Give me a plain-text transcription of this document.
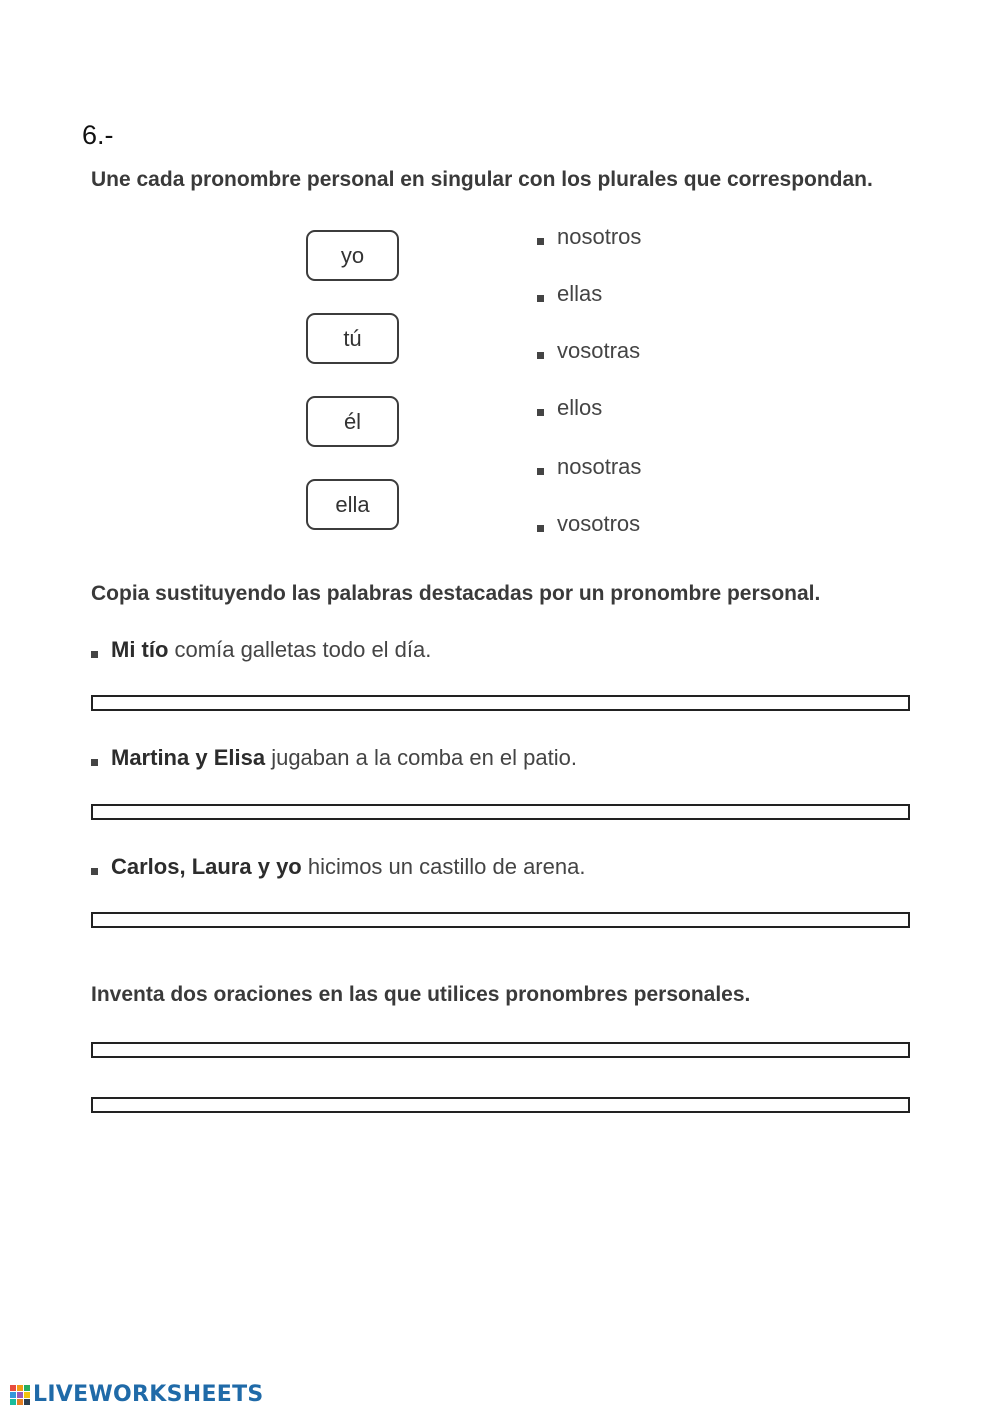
6.-
Une cada pronombre personal en singular con los plurales que correspondan.
yo
tú
él
ella
nosotros
ellas
vosotras
ellos
nosotras
vosotros
Copia sustituyendo las palabras destacadas por un pronombre personal.
Mi tío comía galletas todo el día.
Martina y Elisa jugaban a la comba en el patio.
Carlos, Laura y yo hicimos un castillo de arena.
Inventa dos oraciones en las que utilices pronombres personales.
LIVEWORKSHEETS
